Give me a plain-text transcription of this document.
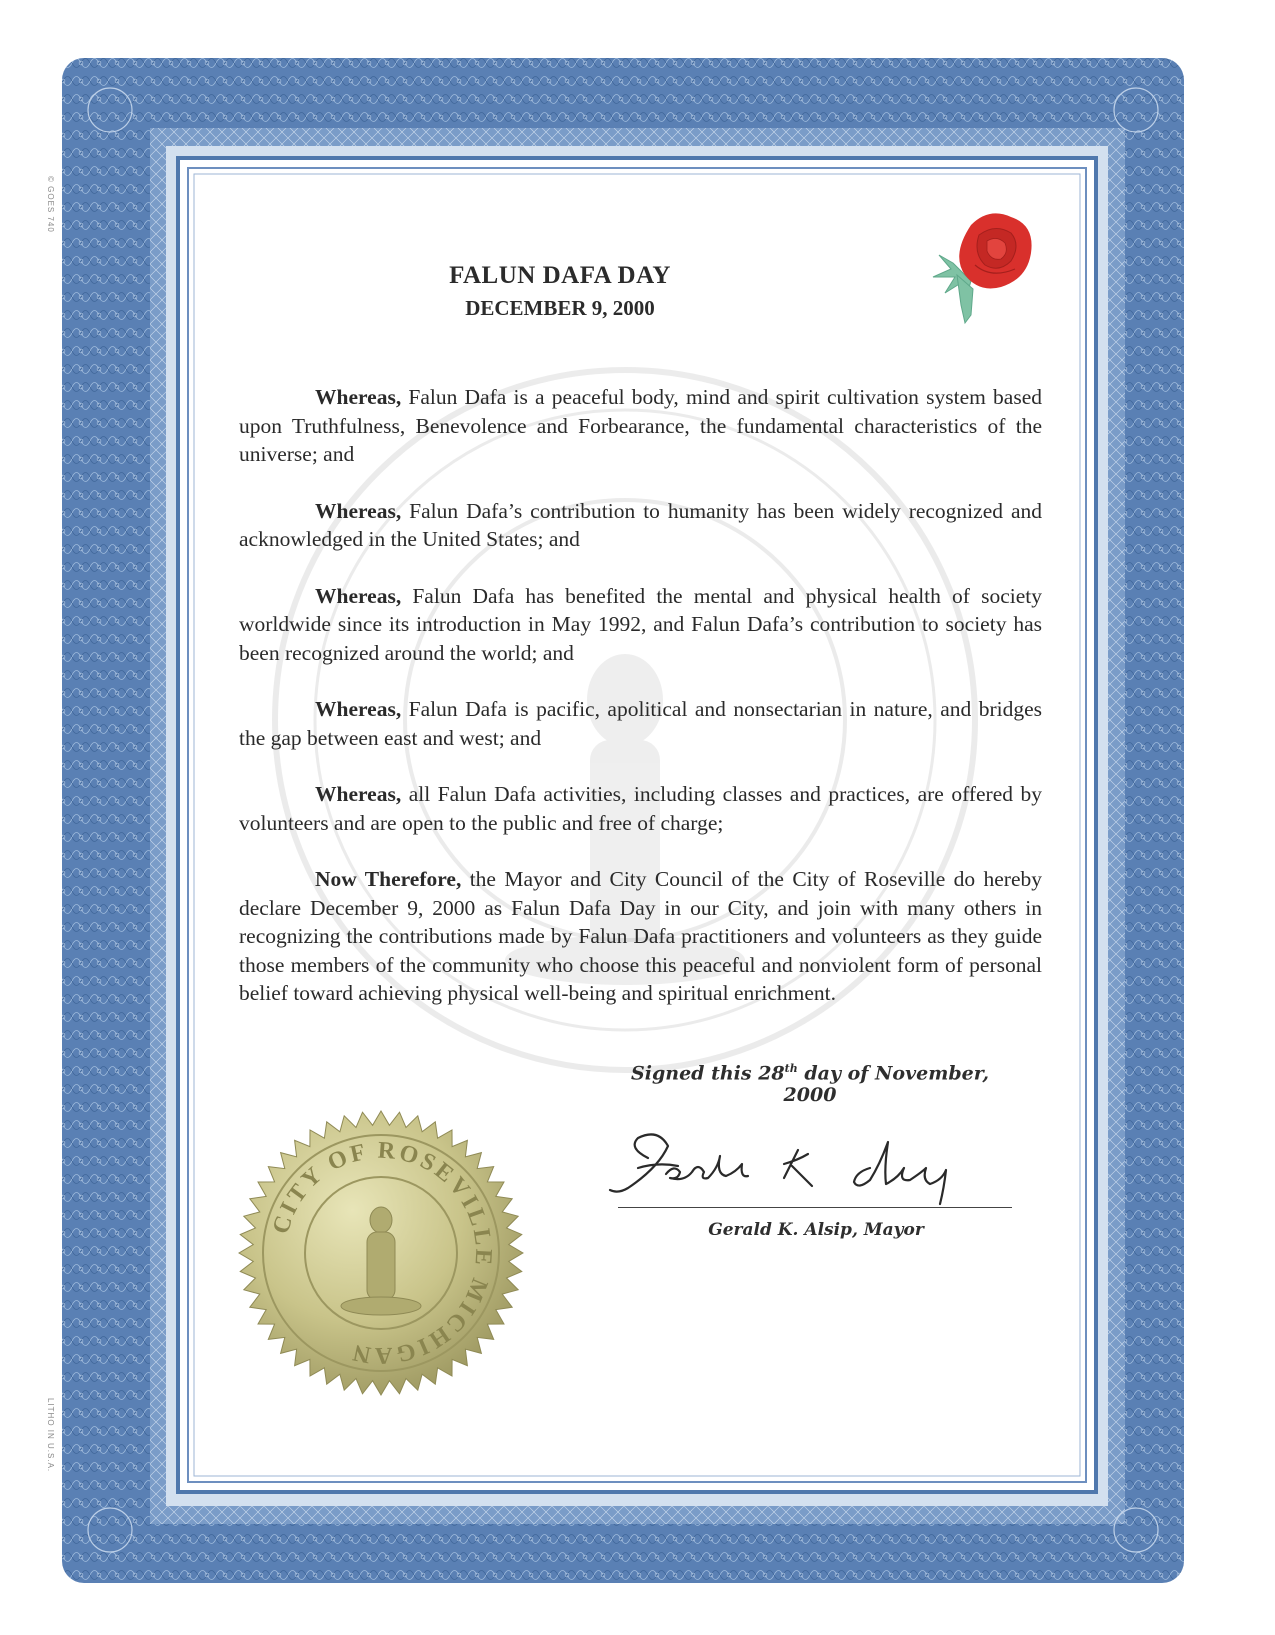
© GOES 740
LITHO IN U.S.A.
FALUN DAFA DAY
DECEMBER 9, 2000

Whereas, Falun Dafa is a peaceful body, mind and spirit cultivation system based upon Truthfulness, Benevolence and Forbearance, the fundamental characteristics of the universe; and

Whereas, Falun Dafa’s contribution to humanity has been widely recognized and acknowledged in the United States; and

Whereas, Falun Dafa has benefited the mental and physical health of society worldwide since its introduction in May 1992, and Falun Dafa’s contribution to society has been recognized around the world; and

Whereas, Falun Dafa is pacific, apolitical and nonsectarian in nature, and bridges the gap between east and west; and

Whereas, all Falun Dafa activities, including classes and practices, are offered by volunteers and are open to the public and free of charge;

Now Therefore, the Mayor and City Council of the City of Roseville do hereby declare December 9, 2000 as Falun Dafa Day in our City, and join with many others in recognizing the contributions made by Falun Dafa practitioners and volunteers as they guide those members of the community who choose this peaceful and nonviolent form of personal belief toward achieving physical well-being and spiritual enrichment.

Signed this 28th day of November, 2000
Gerald K. Alsip, Mayor
CITY OF ROSEVILLE MICHIGAN
